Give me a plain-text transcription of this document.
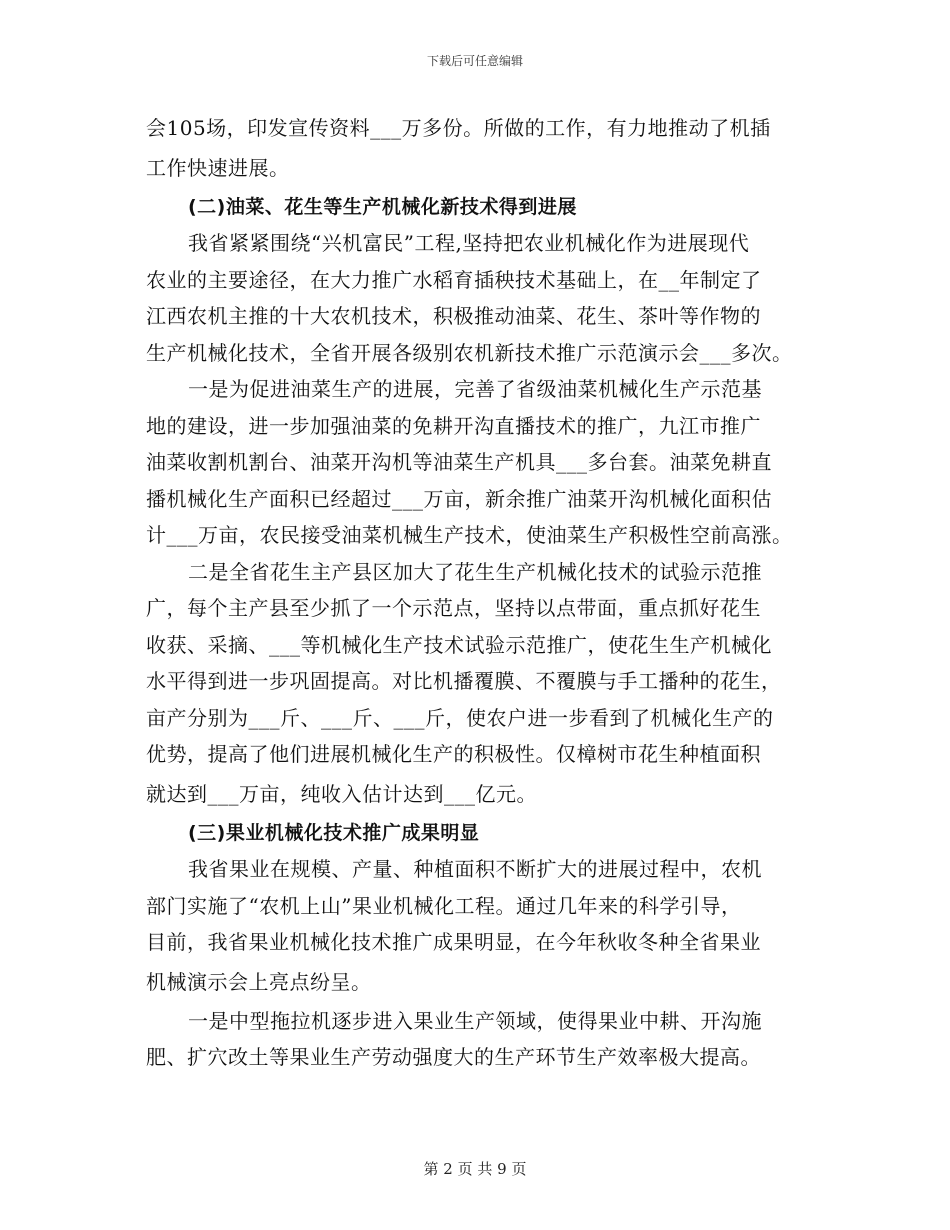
下载后可任意编辑
会105场，印发宣传资料___万多份。所做的工作，有力地推动了机插
工作快速进展。
(二)油菜、花生等生产机械化新技术得到进展
我省紧紧围绕“兴机富民”工程,坚持把农业机械化作为进展现代
农业的主要途径，在大力推广水稻育插秧技术基础上，在__年制定了
江西农机主推的十大农机技术，积极推动油菜、花生、茶叶等作物的
生产机械化技术，全省开展各级别农机新技术推广示范演示会___多次。
一是为促进油菜生产的进展，完善了省级油菜机械化生产示范基
地的建设，进一步加强油菜的免耕开沟直播技术的推广，九江市推广
油菜收割机割台、油菜开沟机等油菜生产机具___多台套。油菜免耕直
播机械化生产面积已经超过___万亩，新余推广油菜开沟机械化面积估
计___万亩，农民接受油菜机械生产技术，使油菜生产积极性空前高涨。
二是全省花生主产县区加大了花生生产机械化技术的试验示范推
广，每个主产县至少抓了一个示范点，坚持以点带面，重点抓好花生
收获、采摘、___等机械化生产技术试验示范推广，使花生生产机械化
水平得到进一步巩固提高。对比机播覆膜、不覆膜与手工播种的花生，
亩产分别为___斤、___斤、___斤，使农户进一步看到了机械化生产的
优势，提高了他们进展机械化生产的积极性。仅樟树市花生种植面积
就达到___万亩，纯收入估计达到___亿元。
(三)果业机械化技术推广成果明显
我省果业在规模、产量、种植面积不断扩大的进展过程中，农机
部门实施了“农机上山”果业机械化工程。通过几年来的科学引导，
目前，我省果业机械化技术推广成果明显，在今年秋收冬种全省果业
机械演示会上亮点纷呈。
一是中型拖拉机逐步进入果业生产领域，使得果业中耕、开沟施
肥、扩穴改土等果业生产劳动强度大的生产环节生产效率极大提高。
第 2 页 共 9 页
